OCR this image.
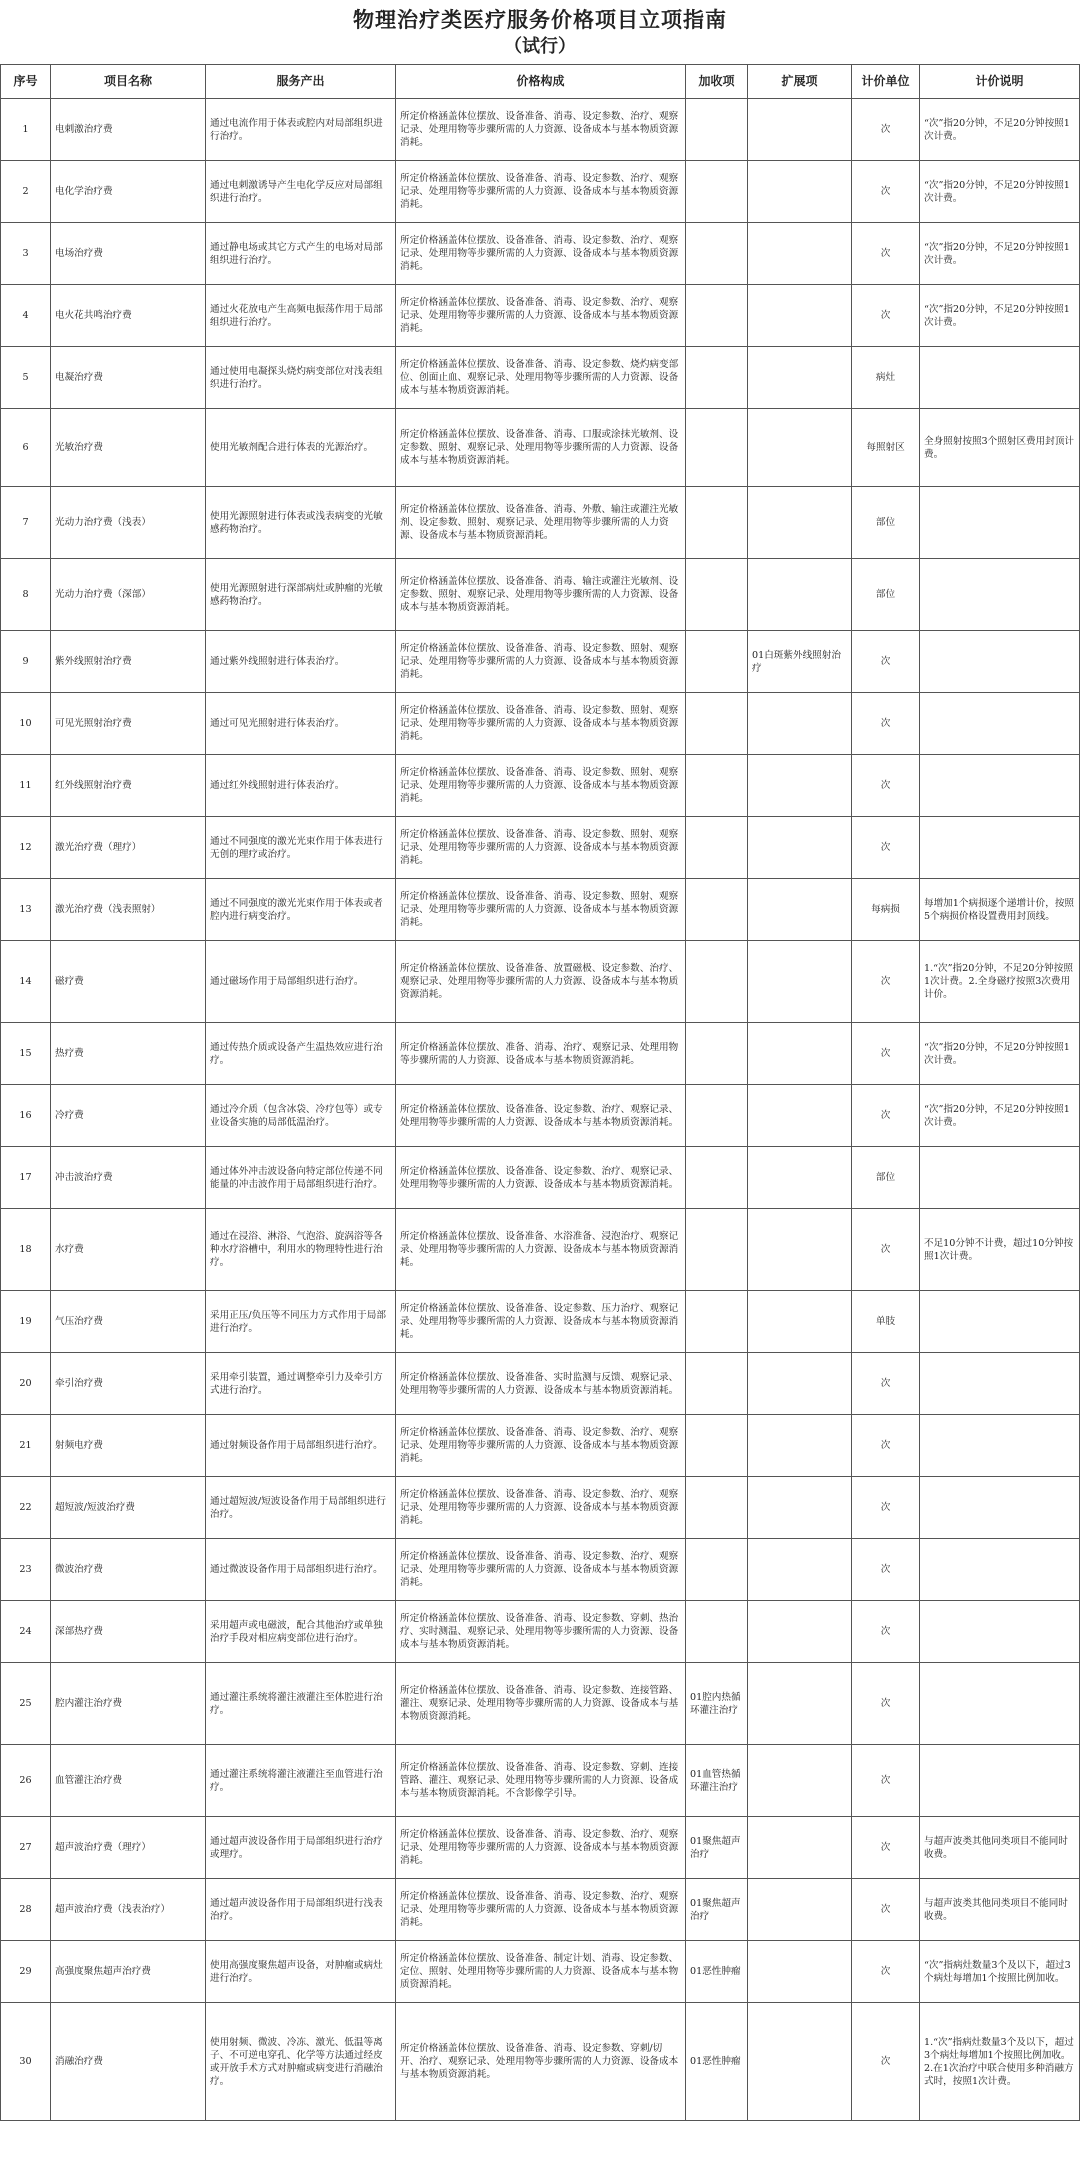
物理治疗类医疗服务价格项目立项指南
（试行）
序号	项目名称	服务产出	价格构成	加收项	扩展项	计价单位	计价说明
1	电刺激治疗费	通过电流作用于体表或腔内对局部组织进行治疗。	所定价格涵盖体位摆放、设备准备、消毒、设定参数、治疗、观察记录、处理用物等步骤所需的人力资源、设备成本与基本物质资源消耗。			次	“次”指20分钟，不足20分钟按照1次计费。
2	电化学治疗费	通过电刺激诱导产生电化学反应对局部组织进行治疗。	所定价格涵盖体位摆放、设备准备、消毒、设定参数、治疗、观察记录、处理用物等步骤所需的人力资源、设备成本与基本物质资源消耗。			次	“次”指20分钟，不足20分钟按照1次计费。
3	电场治疗费	通过静电场或其它方式产生的电场对局部组织进行治疗。	所定价格涵盖体位摆放、设备准备、消毒、设定参数、治疗、观察记录、处理用物等步骤所需的人力资源、设备成本与基本物质资源消耗。			次	“次”指20分钟，不足20分钟按照1次计费。
4	电火花共鸣治疗费	通过火花放电产生高频电振荡作用于局部组织进行治疗。	所定价格涵盖体位摆放、设备准备、消毒、设定参数、治疗、观察记录、处理用物等步骤所需的人力资源、设备成本与基本物质资源消耗。			次	“次”指20分钟，不足20分钟按照1次计费。
5	电凝治疗费	通过使用电凝探头烧灼病变部位对浅表组织进行治疗。	所定价格涵盖体位摆放、设备准备、消毒、设定参数、烧灼病变部位、创面止血、观察记录、处理用物等步骤所需的人力资源、设备成本与基本物质资源消耗。			病灶	
6	光敏治疗费	使用光敏剂配合进行体表的光源治疗。	所定价格涵盖体位摆放、设备准备、消毒、口服或涂抹光敏剂、设定参数、照射、观察记录、处理用物等步骤所需的人力资源、设备成本与基本物质资源消耗。			每照射区	全身照射按照3个照射区费用封顶计费。
7	光动力治疗费（浅表）	使用光源照射进行体表或浅表病变的光敏感药物治疗。	所定价格涵盖体位摆放、设备准备、消毒、外敷、输注或灌注光敏剂、设定参数、照射、观察记录、处理用物等步骤所需的人力资源、设备成本与基本物质资源消耗。			部位	
8	光动力治疗费（深部）	使用光源照射进行深部病灶或肿瘤的光敏感药物治疗。	所定价格涵盖体位摆放、设备准备、消毒、输注或灌注光敏剂、设定参数、照射、观察记录、处理用物等步骤所需的人力资源、设备成本与基本物质资源消耗。			部位	
9	紫外线照射治疗费	通过紫外线照射进行体表治疗。	所定价格涵盖体位摆放、设备准备、消毒、设定参数、照射、观察记录、处理用物等步骤所需的人力资源、设备成本与基本物质资源消耗。		01白斑紫外线照射治疗	次	
10	可见光照射治疗费	通过可见光照射进行体表治疗。	所定价格涵盖体位摆放、设备准备、消毒、设定参数、照射、观察记录、处理用物等步骤所需的人力资源、设备成本与基本物质资源消耗。			次	
11	红外线照射治疗费	通过红外线照射进行体表治疗。	所定价格涵盖体位摆放、设备准备、消毒、设定参数、照射、观察记录、处理用物等步骤所需的人力资源、设备成本与基本物质资源消耗。			次	
12	激光治疗费（理疗）	通过不同强度的激光光束作用于体表进行无创的理疗或治疗。	所定价格涵盖体位摆放、设备准备、消毒、设定参数、照射、观察记录、处理用物等步骤所需的人力资源、设备成本与基本物质资源消耗。			次	
13	激光治疗费（浅表照射）	通过不同强度的激光光束作用于体表或者腔内进行病变治疗。	所定价格涵盖体位摆放、设备准备、消毒、设定参数、照射、观察记录、处理用物等步骤所需的人力资源、设备成本与基本物质资源消耗。			每病损	每增加1个病损逐个递增计价，按照5个病损价格设置费用封顶线。
14	磁疗费	通过磁场作用于局部组织进行治疗。	所定价格涵盖体位摆放、设备准备、放置磁极、设定参数、治疗、观察记录、处理用物等步骤所需的人力资源、设备成本与基本物质资源消耗。			次	1.“次”指20分钟，不足20分钟按照1次计费。2.全身磁疗按照3次费用计价。
15	热疗费	通过传热介质或设备产生温热效应进行治疗。	所定价格涵盖体位摆放、准备、消毒、治疗、观察记录、处理用物等步骤所需的人力资源、设备成本与基本物质资源消耗。			次	“次”指20分钟，不足20分钟按照1次计费。
16	冷疗费	通过冷介质（包含冰袋、冷疗包等）或专业设备实施的局部低温治疗。	所定价格涵盖体位摆放、设备准备、设定参数、治疗、观察记录、处理用物等步骤所需的人力资源、设备成本与基本物质资源消耗。			次	“次”指20分钟，不足20分钟按照1次计费。
17	冲击波治疗费	通过体外冲击波设备向特定部位传递不同能量的冲击波作用于局部组织进行治疗。	所定价格涵盖体位摆放、设备准备、设定参数、治疗、观察记录、处理用物等步骤所需的人力资源、设备成本与基本物质资源消耗。			部位	
18	水疗费	通过在浸浴、淋浴、气泡浴、旋涡浴等各种水疗浴槽中，利用水的物理特性进行治疗。	所定价格涵盖体位摆放、设备准备、水浴准备、浸泡治疗、观察记录、处理用物等步骤所需的人力资源、设备成本与基本物质资源消耗。			次	不足10分钟不计费，超过10分钟按照1次计费。
19	气压治疗费	采用正压/负压等不同压力方式作用于局部进行治疗。	所定价格涵盖体位摆放、设备准备、设定参数、压力治疗、观察记录、处理用物等步骤所需的人力资源、设备成本与基本物质资源消耗。			单肢	
20	牵引治疗费	采用牵引装置，通过调整牵引力及牵引方式进行治疗。	所定价格涵盖体位摆放、设备准备、实时监测与反馈、观察记录、处理用物等步骤所需的人力资源、设备成本与基本物质资源消耗。			次	
21	射频电疗费	通过射频设备作用于局部组织进行治疗。	所定价格涵盖体位摆放、设备准备、消毒、设定参数、治疗、观察记录、处理用物等步骤所需的人力资源、设备成本与基本物质资源消耗。			次	
22	超短波/短波治疗费	通过超短波/短波设备作用于局部组织进行治疗。	所定价格涵盖体位摆放、设备准备、消毒、设定参数、治疗、观察记录、处理用物等步骤所需的人力资源、设备成本与基本物质资源消耗。			次	
23	微波治疗费	通过微波设备作用于局部组织进行治疗。	所定价格涵盖体位摆放、设备准备、消毒、设定参数、治疗、观察记录、处理用物等步骤所需的人力资源、设备成本与基本物质资源消耗。			次	
24	深部热疗费	采用超声或电磁波，配合其他治疗或单独治疗手段对相应病变部位进行治疗。	所定价格涵盖体位摆放、设备准备、消毒、设定参数、穿刺、热治疗、实时测温、观察记录、处理用物等步骤所需的人力资源、设备成本与基本物质资源消耗。			次	
25	腔内灌注治疗费	通过灌注系统将灌注液灌注至体腔进行治疗。	所定价格涵盖体位摆放、设备准备、消毒、设定参数、连接管路、灌注、观察记录、处理用物等步骤所需的人力资源、设备成本与基本物质资源消耗。	01腔内热循环灌注治疗		次	
26	血管灌注治疗费	通过灌注系统将灌注液灌注至血管进行治疗。	所定价格涵盖体位摆放、设备准备、消毒、设定参数、穿刺、连接管路、灌注、观察记录、处理用物等步骤所需的人力资源、设备成本与基本物质资源消耗。不含影像学引导。	01血管热循环灌注治疗		次	
27	超声波治疗费（理疗）	通过超声波设备作用于局部组织进行治疗或理疗。	所定价格涵盖体位摆放、设备准备、消毒、设定参数、治疗、观察记录、处理用物等步骤所需的人力资源、设备成本与基本物质资源消耗。	01聚焦超声治疗		次	与超声波类其他同类项目不能同时收费。
28	超声波治疗费（浅表治疗）	通过超声波设备作用于局部组织进行浅表治疗。	所定价格涵盖体位摆放、设备准备、消毒、设定参数、治疗、观察记录、处理用物等步骤所需的人力资源、设备成本与基本物质资源消耗。	01聚焦超声治疗		次	与超声波类其他同类项目不能同时收费。
29	高强度聚焦超声治疗费	使用高强度聚焦超声设备，对肿瘤或病灶进行治疗。	所定价格涵盖体位摆放、设备准备、制定计划、消毒、设定参数、定位、照射、处理用物等步骤所需的人力资源、设备成本与基本物质资源消耗。	01恶性肿瘤		次	“次”指病灶数量3个及以下，超过3个病灶每增加1个按照比例加收。
30	消融治疗费	使用射频、微波、冷冻、激光、低温等离子、不可逆电穿孔、化学等方法通过经皮或开放手术方式对肿瘤或病变进行消融治疗。	所定价格涵盖体位摆放、设备准备、消毒、设定参数、穿刺/切开、治疗、观察记录、处理用物等步骤所需的人力资源、设备成本与基本物质资源消耗。	01恶性肿瘤		次	1.“次”指病灶数量3个及以下，超过3个病灶每增加1个按照比例加收。2.在1次治疗中联合使用多种消融方式时，按照1次计费。
